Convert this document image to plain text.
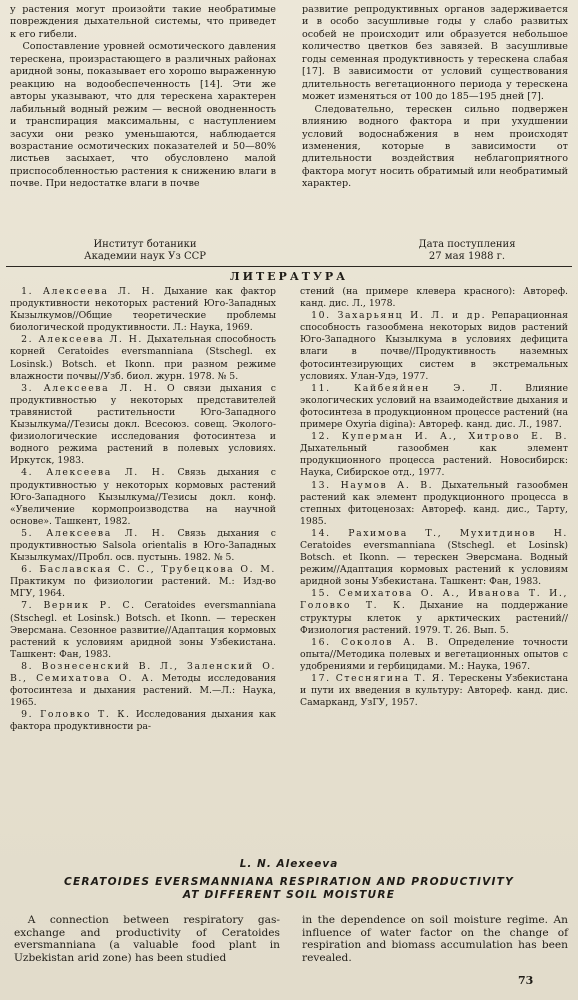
у растения могут произойти такие необратимые повреждения дыхательной системы, что приведет к его гибели.

Сопоставление уровней осмотического давления терескена, произрастающего в различных районах аридной зоны, показывает его хорошо выраженную реакцию на водообеспеченность [14]. Эти же авторы указывают, что для терескена характерен лабильный водный режим — весной оводненность и транспирация максимальны, с наступлением засухи они резко уменьшаются, наблюдается возрастание осмотических показателей и 50—80% листьев засыхает, что обусловлено малой приспособленностью растения к снижению влаги в почве. При недостатке влаги в почве

развитие репродуктивных органов задерживается и в особо засушливые годы у слабо развитых особей не происходит или образуется небольшое количество цветков без завязей. В засушливые годы семенная продуктивность у терескена слабая [17]. В зависимости от условий существования длительность вегетационного периода у терескена может изменяться от 100 до 185—195 дней [7].

Следовательно, терескен сильно подвержен влиянию водного фактора и при ухудшении условий водоснабжения в нем происходят изменения, которые в зависимости от длительности воздействия неблагоприятного фактора могут носить обратимый или необратимый характер.

Институт ботаники
Академии наук Уз ССР
Дата поступления
27 мая 1988 г.
ЛИТЕРАТУРА

1. Алексеева Л. Н. Дыхание как фактор продуктивности некоторых растений Юго-Западных Кызылкумов//Общие теоретические проблемы биологической продуктивности. Л.: Наука, 1969.

2. Алексеева Л. Н. Дыхательная способность корней Ceratoides eversmanniana (Stschegl. ex Losinsk.) Botsch. et Ikonn. при разном режиме влажности почвы//Узб. биол. журн. 1978. № 5.

3. Алексеева Л. Н. О связи дыхания с продуктивностью у некоторых представителей травянистой растительности Юго-Западного Кызылкума//Тезисы докл. Всесоюз. совещ. Эколого-физиологические исследования фотосинтеза и водного режима растений в полевых условиях. Иркутск, 1983.

4. Алексеева Л. Н. Связь дыхания с продуктивностью у некоторых кормовых растений Юго-Западного Кызылкума//Тезисы докл. конф. «Увеличение кормопроизводства на научной основе». Ташкент, 1982.

5. Алексеева Л. Н. Связь дыхания с продуктивностью Salsola orientalis в Юго-Западных Кызылкумах//Пробл. осв. пустынь. 1982. № 5.

6. Баславская С. С., Трубецкова О. М. Практикум по физиологии растений. М.: Изд-во МГУ, 1964.

7. Верник Р. С. Ceratoides eversmanniana (Stschegl. et Losinsk.) Botsch. et Ikonn. — терескен Эверсмана. Сезонное развитие//Адаптация кормовых растений к условиям аридной зоны Узбекистана. Ташкент: Фан, 1983.

8. Вознесенский В. Л., Заленский О. В., Семихатова О. А. Методы исследования фотосинтеза и дыхания растений. М.—Л.: Наука, 1965.

9. Головко Т. К. Исследования дыхания как фактора продуктивности ра-

стений (на примере клевера красного): Автореф. канд. дис. Л., 1978.

10. Захарьянц И. Л. и др. Репарационная способность газообмена некоторых видов растений Юго-Западного Кызылкума в условиях дефицита влаги в почве//Продуктивность наземных фотосинтезирующих систем в экстремальных условиях. Улан-Удэ, 1977.

11. Кайбеяйнен Э. Л. Влияние экологических условий на взаимодействие дыхания и фотосинтеза в продукционном процессе растений (на примере Oxyria digina): Автореф. канд. дис. Л., 1987.

12. Куперман И. А., Хитрово Е. В. Дыхательный газообмен как элемент продукционного процесса растений. Новосибирск: Наука, Сибирское отд., 1977.

13. Наумов А. В. Дыхательный газообмен растений как элемент продукционного процесса в степных фитоценозах: Автореф. канд. дис., Тарту, 1985.

14. Рахимова Т., Мухитдинов Н. Ceratoides eversmanniana (Stschegl. et Losinsk) Botsch. et Ikonn. — терескен Эверсмана. Водный режим//Адаптация кормовых растений к условиям аридной зоны Узбекистана. Ташкент: Фан, 1983.

15. Семихатова О. А., Иванова Т. И., Головко Т. К. Дыхание на поддержание структуры клеток у арктических растений//Физиология растений. 1979. Т. 26. Вып. 5.

16. Соколов А. В. Определение точности опыта//Методика полевых и вегетационных опытов с удобрениями и гербицидами. М.: Наука, 1967.

17. Стеснягина Т. Я. Терескены Узбекистана и пути их введения в культуру: Автореф. канд. дис. Самарканд, УзГУ, 1957.

L. N. Alexeeva
CERATOIDES EVERSMANNIANA RESPIRATION AND PRODUCTIVITY
AT DIFFERENT SOIL MOISTURE

A connection between respiratory gas-exchange and productivity of Ceratoides eversmanniana (a valuable food plant in Uzbekistan arid zone) has been studied

in the dependence on soil moisture regime. An influence of water factor on the change of respiration and biomass accumulation has been revealed.

73
